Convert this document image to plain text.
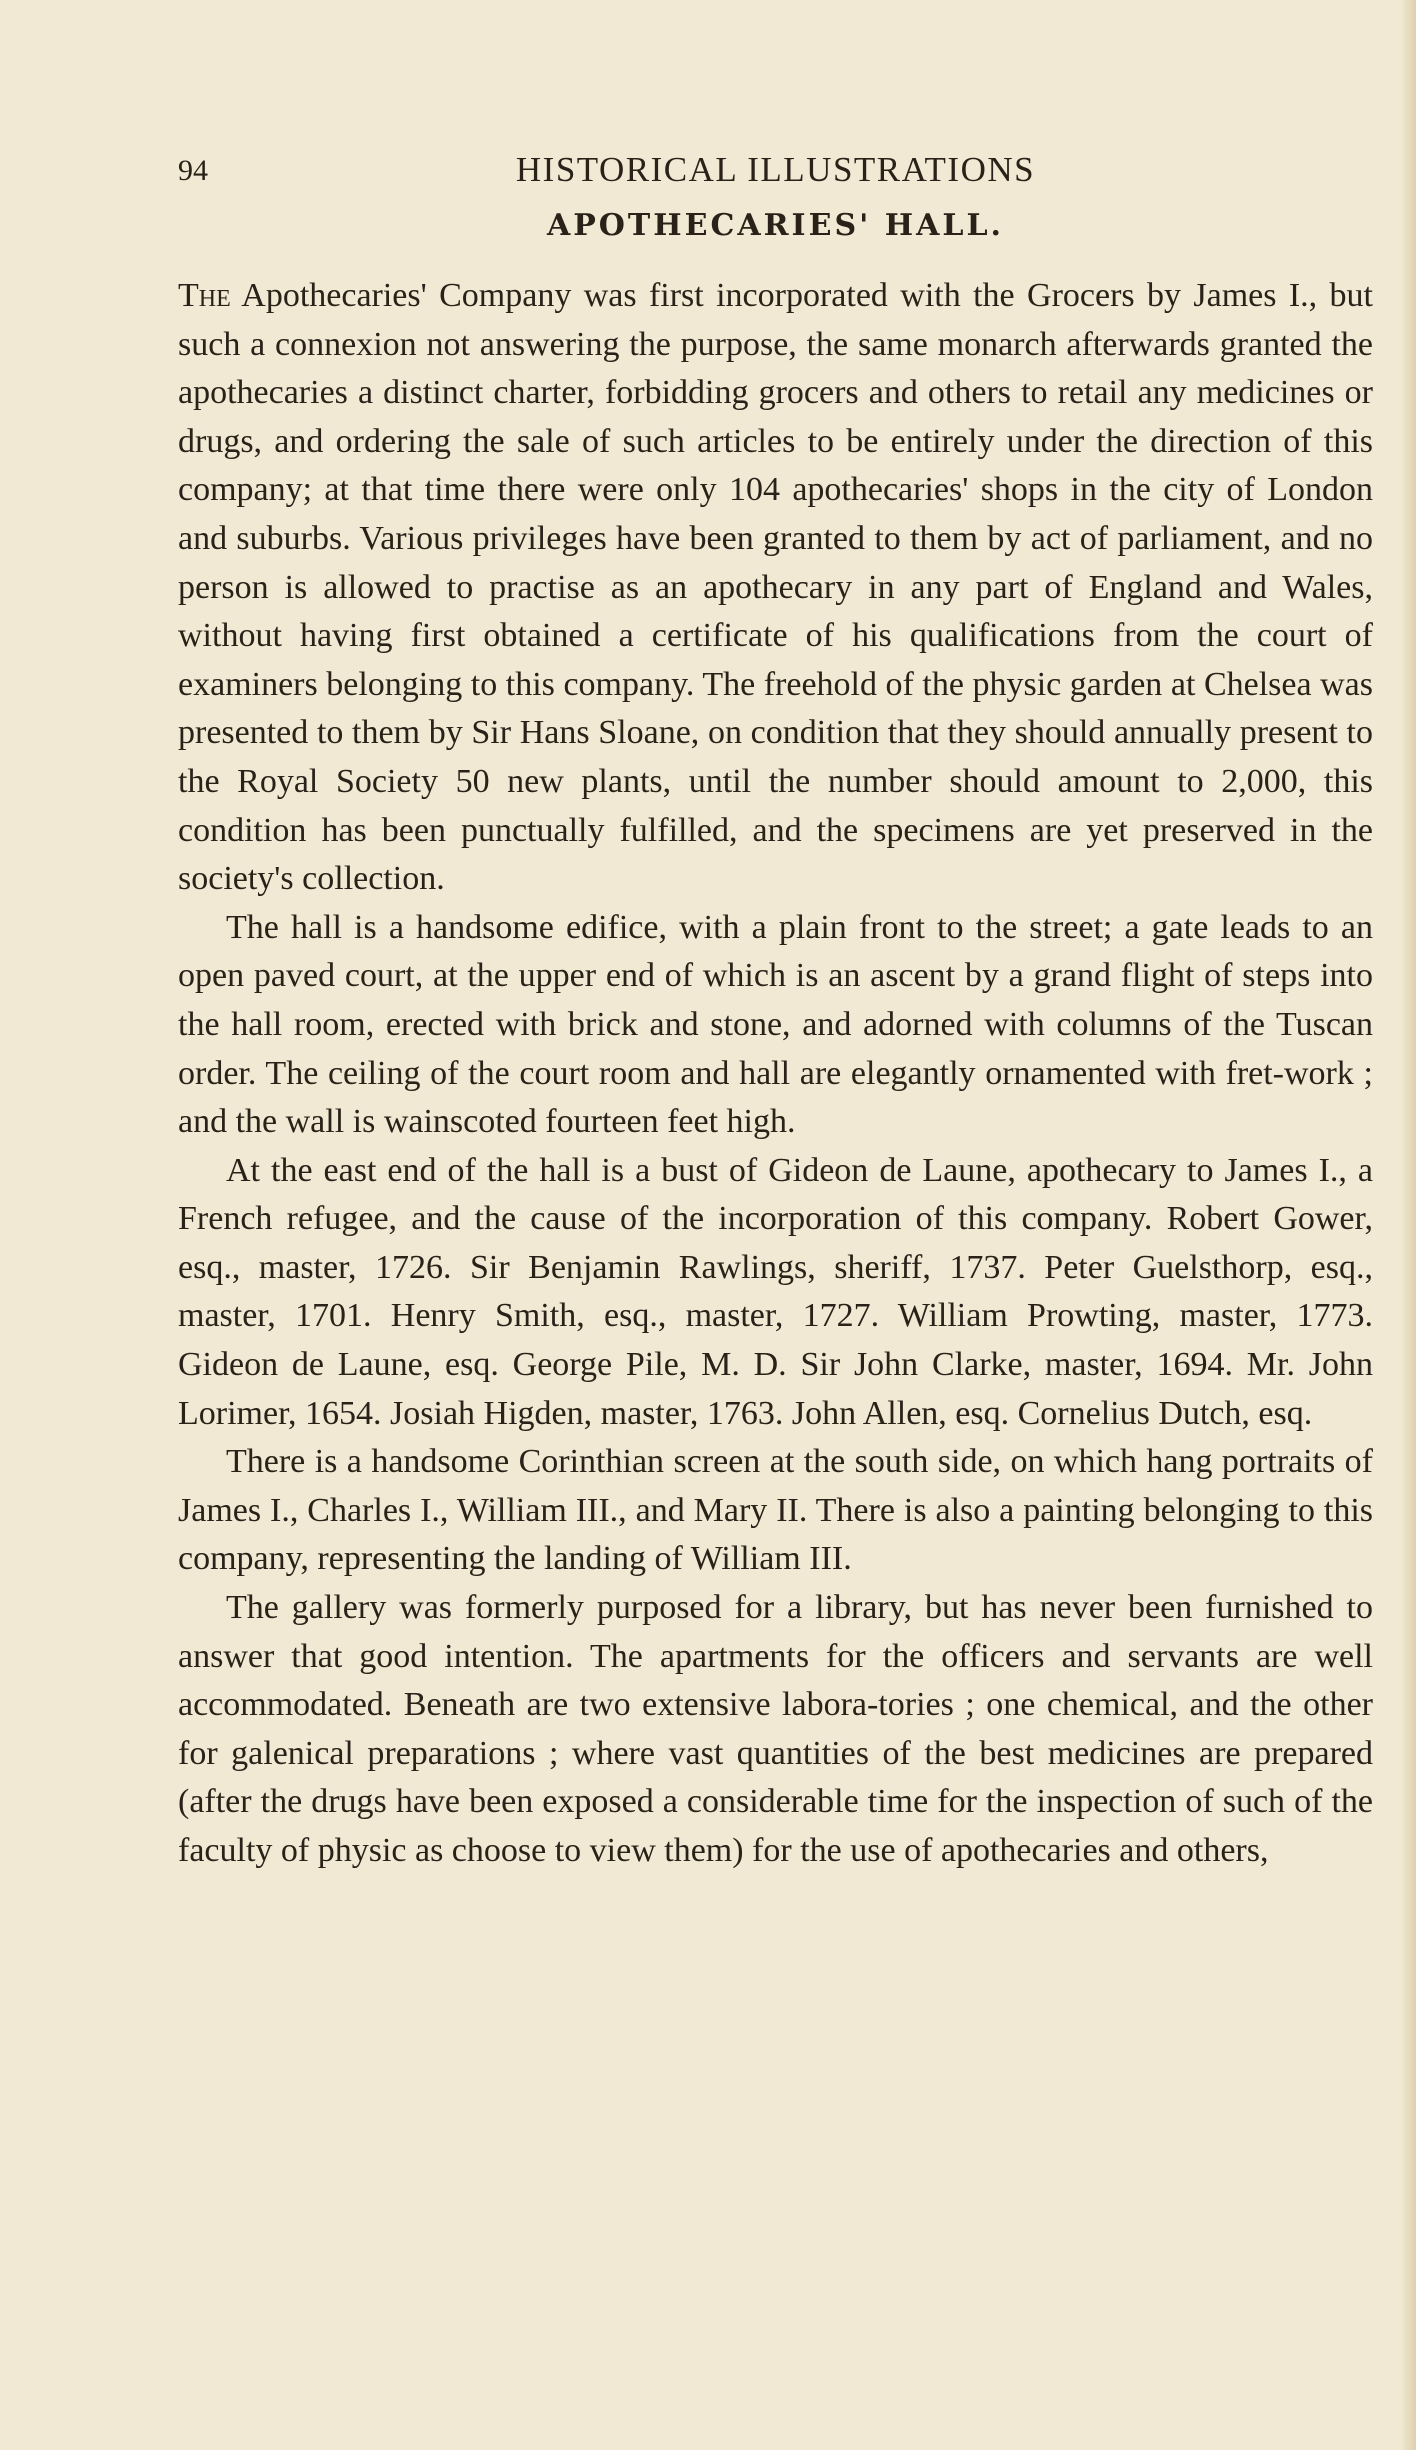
94	HISTORICAL ILLUSTRATIONS
APOTHECARIES' HALL.

The Apothecaries' Company was first incorporated with the Grocers by James I., but such a connexion not answering the purpose, the same monarch afterwards granted the apothecaries a distinct charter, forbidding grocers and others to retail any medicines or drugs, and ordering the sale of such articles to be entirely under the direction of this company; at that time there were only 104 apothecaries' shops in the city of London and suburbs. Various privileges have been granted to them by act of parliament, and no person is allowed to practise as an apothecary in any part of England and Wales, without having first obtained a certificate of his qualifications from the court of examiners belonging to this company. The freehold of the physic garden at Chelsea was presented to them by Sir Hans Sloane, on condition that they should annually present to the Royal Society 50 new plants, until the number should amount to 2,000, this condition has been punctually fulfilled, and the specimens are yet preserved in the society's collection.

The hall is a handsome edifice, with a plain front to the street; a gate leads to an open paved court, at the upper end of which is an ascent by a grand flight of steps into the hall room, erected with brick and stone, and adorned with columns of the Tuscan order. The ceiling of the court room and hall are elegantly ornamented with fret-work ; and the wall is wainscoted fourteen feet high.

At the east end of the hall is a bust of Gideon de Laune, apothecary to James I., a French refugee, and the cause of the incorporation of this company. Robert Gower, esq., master, 1726. Sir Benjamin Rawlings, sheriff, 1737. Peter Guelsthorp, esq., master, 1701. Henry Smith, esq., master, 1727. William Prowting, master, 1773. Gideon de Laune, esq. George Pile, M. D. Sir John Clarke, master, 1694. Mr. John Lorimer, 1654. Josiah Higden, master, 1763. John Allen, esq. Cornelius Dutch, esq.

There is a handsome Corinthian screen at the south side, on which hang portraits of James I., Charles I., William III., and Mary II. There is also a painting belonging to this company, representing the landing of William III.

The gallery was formerly purposed for a library, but has never been furnished to answer that good intention. The apartments for the officers and servants are well accommodated. Beneath are two extensive labora-tories ; one chemical, and the other for galenical preparations ; where vast quantities of the best medicines are prepared (after the drugs have been exposed a considerable time for the inspection of such of the faculty of physic as choose to view them) for the use of apothecaries and others,
